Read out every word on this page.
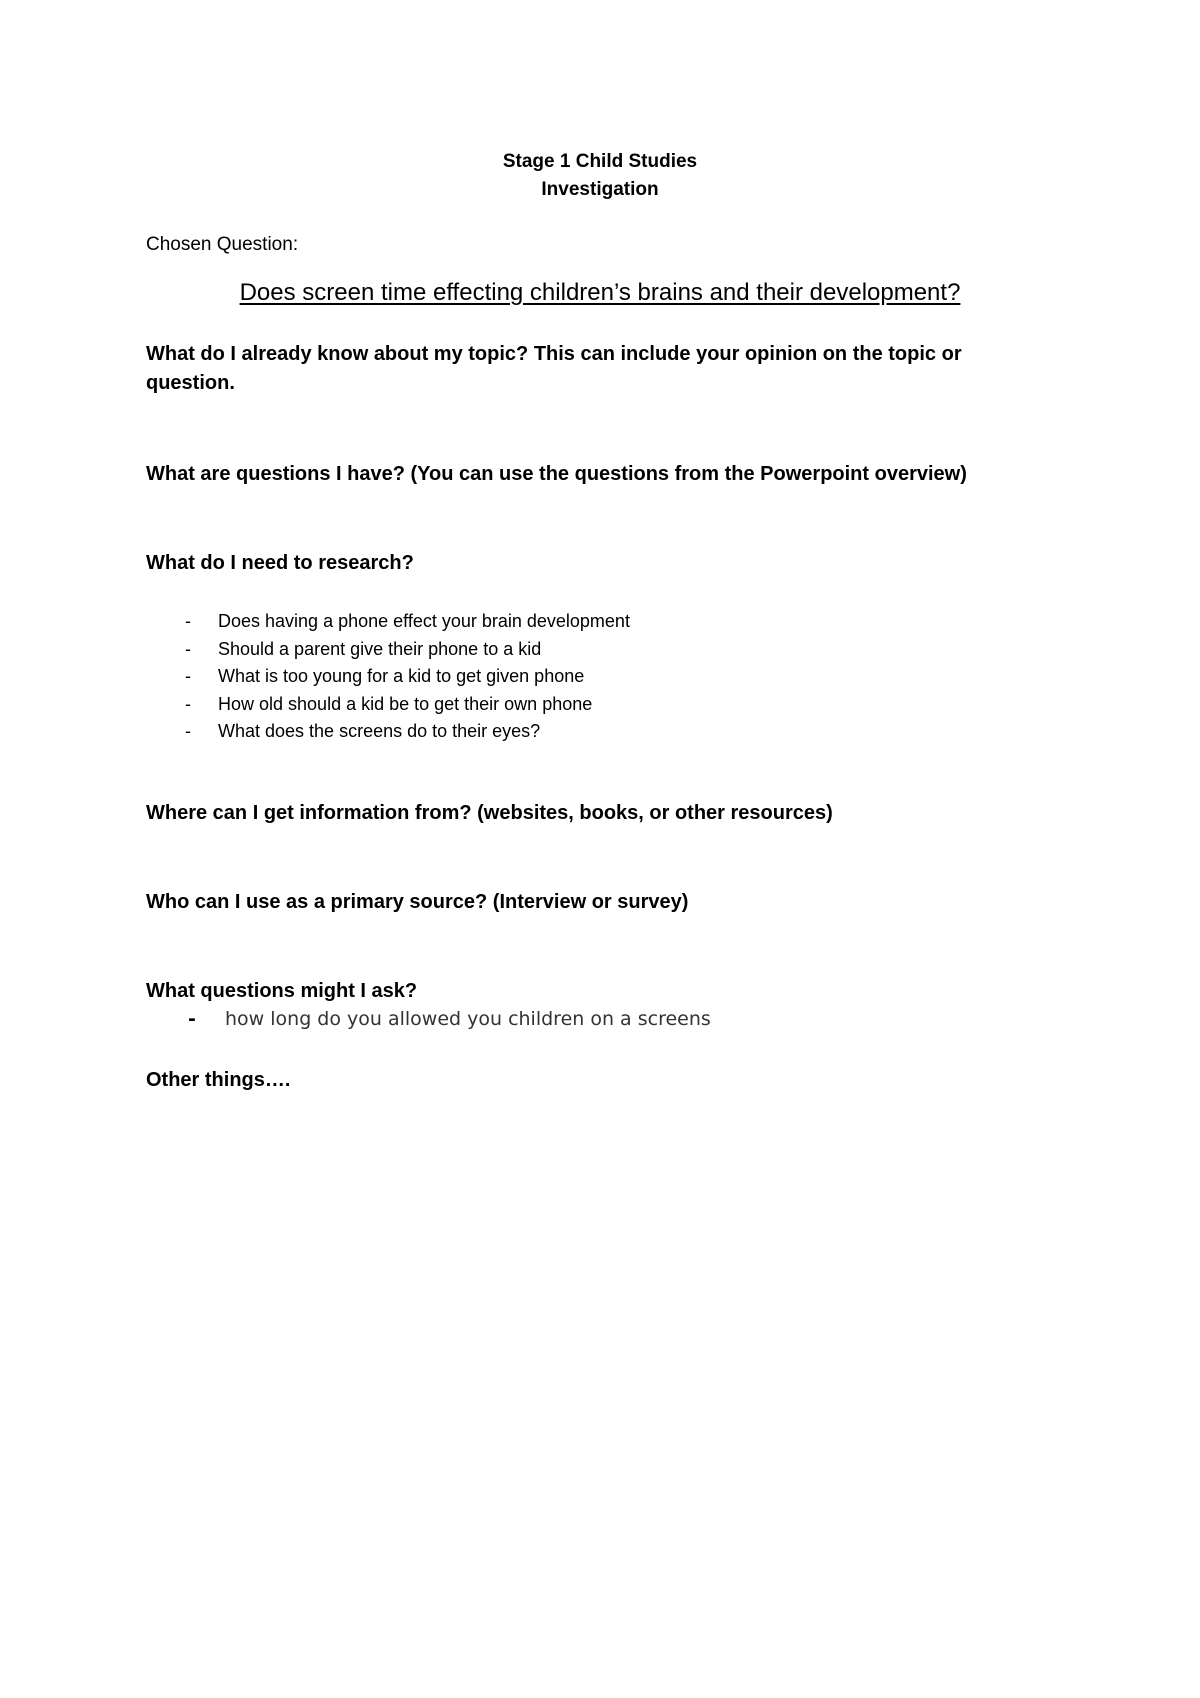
Stage 1 Child Studies
Investigation
Chosen Question:
Does screen time effecting children’s brains and their development?
What do I already know about my topic? This can include your opinion on the topic or question.
What are questions I have? (You can use the questions from the Powerpoint overview)
What do I need to research?
- Does having a phone effect your brain development
- Should a parent give their phone to a kid
- What is too young for a kid to get given phone
- How old should a kid be to get their own phone
- What does the screens do to their eyes?
Where can I get information from? (websites, books, or other resources)
Who can I use as a primary source? (Interview or survey)
What questions might I ask?
- how long do you allowed you children on a screens
Other things….
